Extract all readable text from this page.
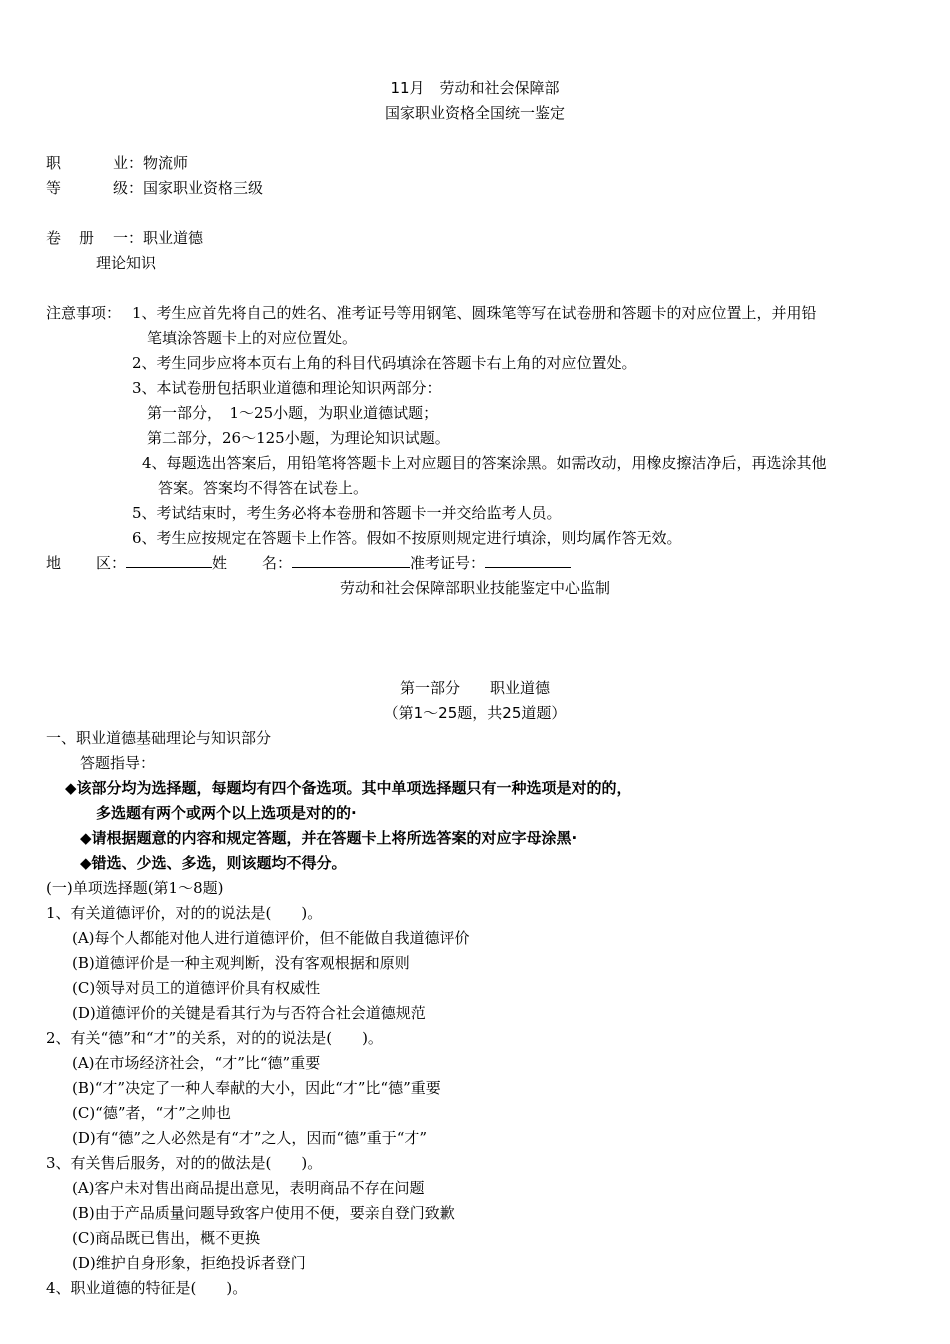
11月　劳动和社会保障部
国家职业资格全国统一鉴定
职	业：物流师
等	级：国家职业资格三级
卷 册 一：职业道德
理论知识
注意事项： 1、考生应首先将自己的姓名、准考证号等用钢笔、圆珠笔等写在试卷册和答题卡的对应位置上，并用铅
笔填涂答题卡上的对应位置处。
2、考生同步应将本页右上角的科目代码填涂在答题卡右上角的对应位置处。
3、本试卷册包括职业道德和理论知识两部分：
第一部分，　1～25小题，为职业道德试题；
第二部分，26～125小题，为理论知识试题。
4、每题选出答案后，用铅笔将答题卡上对应题目的答案涂黑。如需改动，用橡皮擦洁净后，再选涂其他
答案。答案均不得答在试卷上。
5、考试结束时，考生务必将本卷册和答题卡一并交给监考人员。
6、考生应按规定在答题卡上作答。假如不按原则规定进行填涂，则均属作答无效。
地 区：	姓 名：	准考证号：
劳动和社会保障部职业技能鉴定中心监制
第一部分　　职业道德
（第1～25题，共25道题）
一、职业道德基础理论与知识部分
答题指导：
◆该部分均为选择题，每题均有四个备选项。其中单项选择题只有一种选项是对的的，
多选题有两个或两个以上选项是对的的·
◆请根据题意的内容和规定答题，并在答题卡上将所选答案的对应字母涂黑·
◆错选、少选、多选，则该题均不得分。
(一)单项选择题(第1～8题)
1、有关道德评价，对的的说法是(　　)。
(A)每个人都能对他人进行道德评价，但不能做自我道德评价
(B)道德评价是一种主观判断，没有客观根据和原则
(C)领导对员工的道德评价具有权威性
(D)道德评价的关键是看其行为与否符合社会道德规范
2、有关“德”和“才”的关系，对的的说法是(　　)。
(A)在市场经济社会，“才”比“德”重要
(B)“才”决定了一种人奉献的大小，因此“才”比“德”重要
(C)“德”者，“才”之帅也
(D)有“德”之人必然是有“才”之人，因而“德”重于“才”
3、有关售后服务，对的的做法是(　　)。
(A)客户未对售出商品提出意见，表明商品不存在问题
(B)由于产品质量问题导致客户使用不便，要亲自登门致歉
(C)商品既已售出，概不更换
(D)维护自身形象，拒绝投诉者登门
4、职业道德的特征是(　　)。
